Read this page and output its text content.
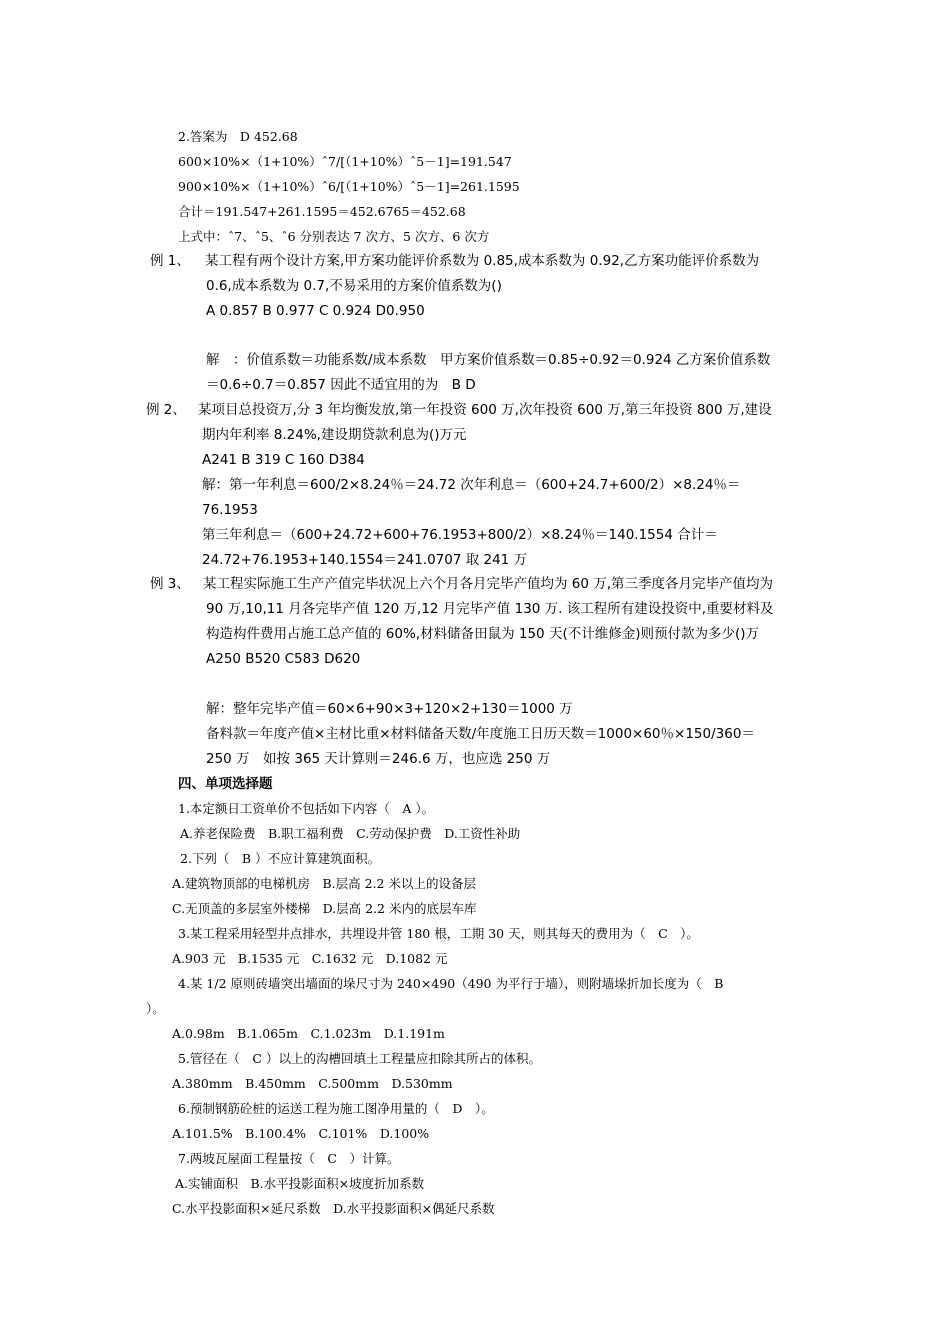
2.答案为　D 452.68
600×10%×（1+10%）ˆ7/[（1+10%）ˆ5－1]=191.547
900×10%×（1+10%）ˆ6/[（1+10%）ˆ5－1]=261.1595
合计＝191.547+261.1595＝452.6765＝452.68
上式中：ˆ7、ˆ5、ˆ6 分别表达 7 次方、5 次方、6 次方
例 1、 某工程有两个设计方案,甲方案功能评价系数为 0.85,成本系数为 0.92,乙方案功能评价系数为
0.6,成本系数为 0.7,不易采用的方案价值系数为()
A 0.857 B 0.977 C 0.924 D0.950
解　：价值系数＝功能系数/成本系数　甲方案价值系数＝0.85÷0.92＝0.924 乙方案价值系数
＝0.6÷0.7＝0.857 因此不适宜用的为　B D
例 2、 某项目总投资万,分 3 年均衡发放,第一年投资 600 万,次年投资 600 万,第三年投资 800 万,建设
期内年利率 8.24%,建设期贷款利息为()万元
A241 B 319 C 160 D384
解：第一年利息＝600/2×8.24％＝24.72 次年利息＝（600+24.7+600/2）×8.24％＝
76.1953
第三年利息＝（600+24.72+600+76.1953+800/2）×8.24％＝140.1554 合计＝
24.72+76.1953+140.1554＝241.0707 取 241 万
例 3、 某工程实际施工生产产值完毕状况上六个月各月完毕产值均为 60 万,第三季度各月完毕产值均为
90 万,10,11 月各完毕产值 120 万,12 月完毕产值 130 万. 该工程所有建设投资中,重要材料及
构造构件费用占施工总产值的 60%,材料储备田鼠为 150 天(不计维修金)则预付款为多少()万
A250 B520 C583 D620
解：整年完毕产值＝60×6+90×3+120×2+130＝1000 万
备料款＝年度产值×主材比重×材料储备天数/年度施工日历天数＝1000×60％×150/360＝
250 万　如按 365 天计算则＝246.6 万，也应选 250 万
四、单项选择题
1.本定额日工资单价不包括如下内容（　A ）。
A.养老保险费　B.职工福利费　C.劳动保护费　D.工资性补助
2.下列（　B ）不应计算建筑面积。
A.建筑物顶部的电梯机房　B.层高 2.2 米以上的设备层
C.无顶盖的多层室外楼梯　D.层高 2.2 米内的底层车库
3.某工程采用轻型井点排水，共埋设井管 180 根，工期 30 天，则其每天的费用为（　C　）。
A.903 元　B.1535 元　C.1632 元　D.1082 元
4.某 1/2 原则砖墙突出墙面的垛尺寸为 240×490（490 为平行于墙），则附墙垛折加长度为（　B
）。
A.0.98m　B.1.065m　C.1.023m　D.1.191m
5.管径在（　C ）以上的沟槽回填土工程量应扣除其所占的体积。
A.380mm　B.450mm　C.500mm　D.530mm
6.预制钢筋砼桩的运送工程为施工图净用量的（　D　）。
A.101.5%　B.100.4%　C.101%　D.100%
7.两坡瓦屋面工程量按（　C　）计算。
A.实铺面积　B.水平投影面积×坡度折加系数
C.水平投影面积×延尺系数　D.水平投影面积×偶延尺系数
